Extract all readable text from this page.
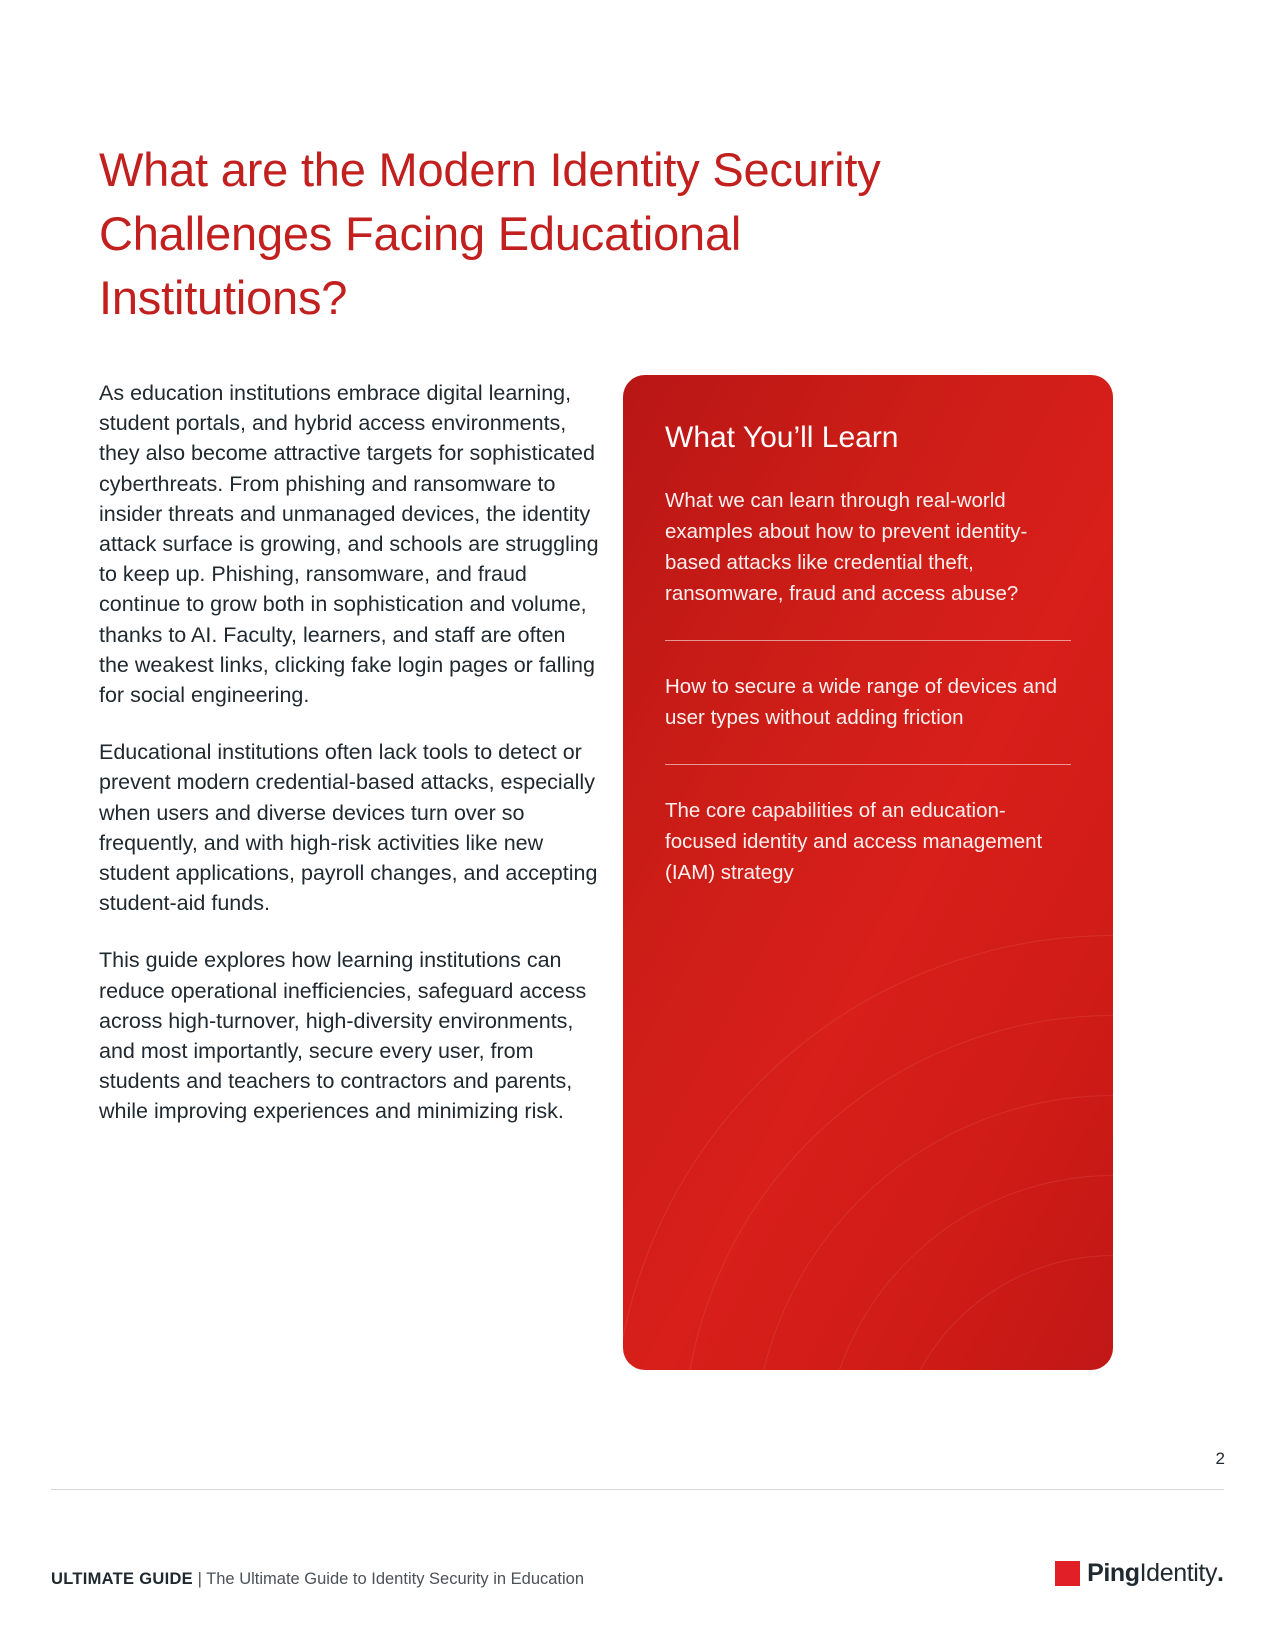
What are the Modern Identity Security Challenges Facing Educational Institutions?

As education institutions embrace digital learning, student portals, and hybrid access environments, they also become attractive targets for sophisticated cyberthreats. From phishing and ransomware to insider threats and unmanaged devices, the identity attack surface is growing, and schools are struggling to keep up. Phishing, ransomware, and fraud continue to grow both in sophistication and volume, thanks to AI. Faculty, learners, and staff are often the weakest links, clicking fake login pages or falling for social engineering.

Educational institutions often lack tools to detect or prevent modern credential-based attacks, especially when users and diverse devices turn over so frequently, and with high-risk activities like new student applications, payroll changes, and accepting student-aid funds.

This guide explores how learning institutions can reduce operational inefficiencies, safeguard access across high-turnover, high-diversity environments, and most importantly, secure every user, from students and teachers to contractors and parents, while improving experiences and minimizing risk.

What You’ll Learn

What we can learn through real-world examples about how to prevent identity-based attacks like credential theft, ransomware, fraud and access abuse?

How to secure a wide range of devices and user types without adding friction

The core capabilities of an education-focused identity and access management (IAM) strategy

2
ULTIMATE GUIDE | The Ultimate Guide to Identity Security in Education	PingIdentity.
